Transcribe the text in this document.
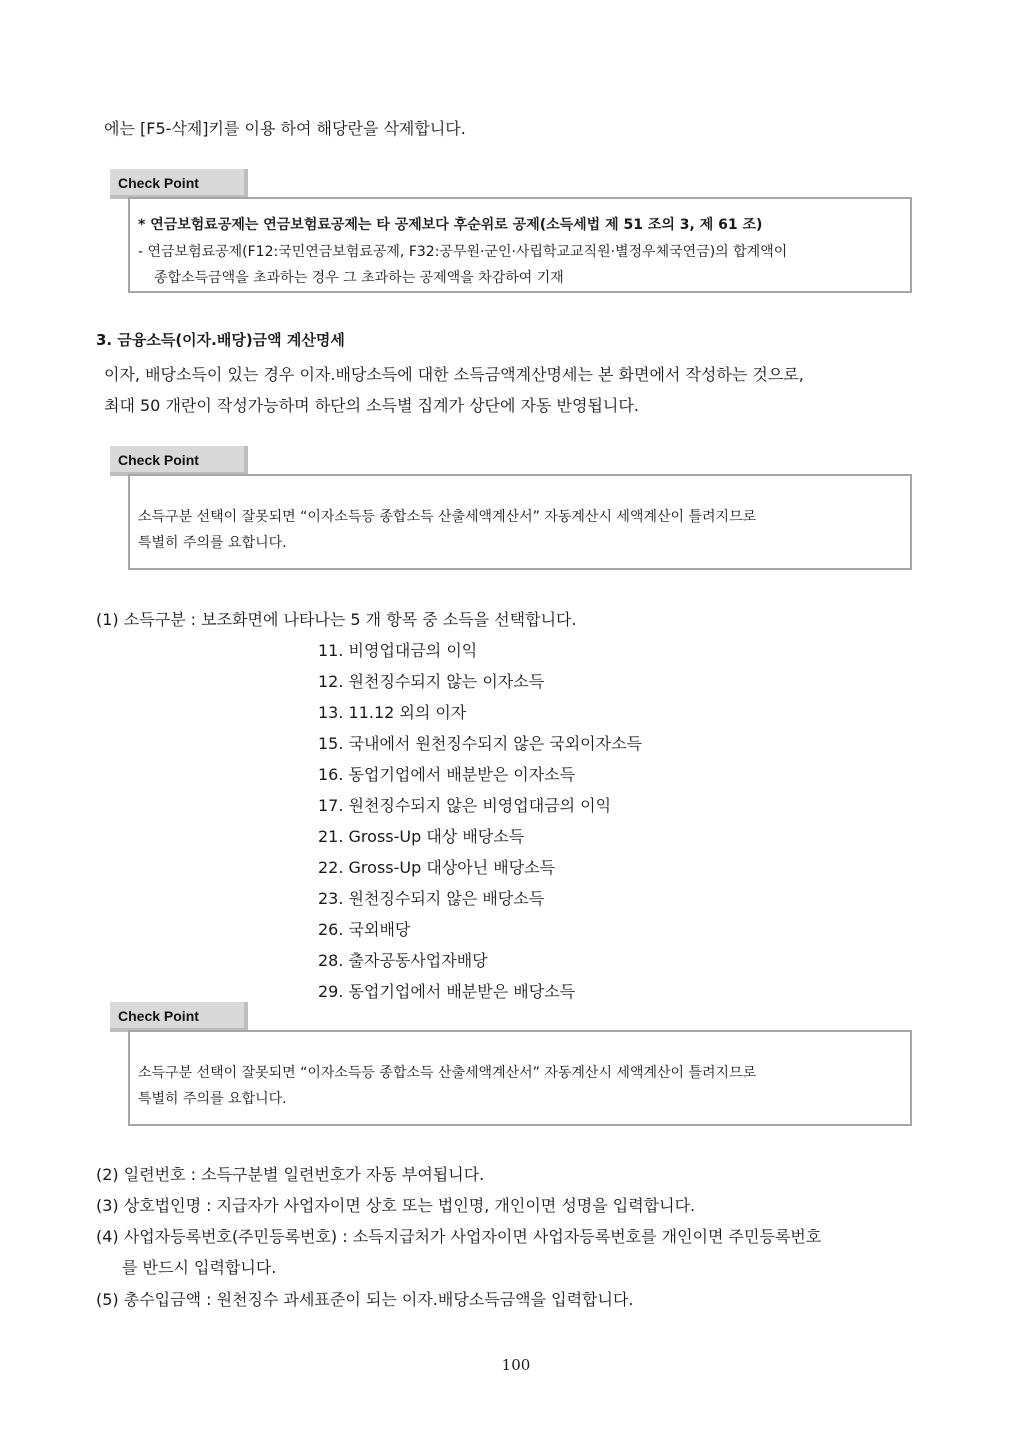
에는 [F5-삭제]키를 이용 하여 해당란을 삭제합니다.
Check Point
* 연금보험료공제는 연금보험료공제는 타 공제보다 후순위로 공제(소득세법 제 51 조의 3, 제 61 조)
- 연금보험료공제(F12:국민연금보험료공제, F32:공무원·군인·사립학교교직원·별정우체국연금)의 합계액이
종합소득금액을 초과하는 경우 그 초과하는 공제액을 차감하여 기재
3. 금융소득(이자.배당)금액 계산명세
이자, 배당소득이 있는 경우 이자.배당소득에 대한 소득금액계산명세는 본 화면에서 작성하는 것으로,
최대 50 개란이 작성가능하며 하단의 소득별 집계가 상단에 자동 반영됩니다.
Check Point
소득구분 선택이 잘못되면 “이자소득등 종합소득 산출세액계산서” 자동계산시 세액계산이 틀려지므로
특별히 주의를 요합니다.
(1) 소득구분 : 보조화면에 나타나는 5 개 항목 중 소득을 선택합니다.
11. 비영업대금의 이익
12. 원천징수되지 않는 이자소득
13. 11.12 외의 이자
15. 국내에서 원천징수되지 않은 국외이자소득
16. 동업기업에서 배분받은 이자소득
17. 원천징수되지 않은 비영업대금의 이익
21. Gross-Up 대상 배당소득
22. Gross-Up 대상아닌 배당소득
23. 원천징수되지 않은 배당소득
26. 국외배당
28. 출자공동사업자배당
29. 동업기업에서 배분받은 배당소득
Check Point
소득구분 선택이 잘못되면 “이자소득등 종합소득 산출세액계산서” 자동계산시 세액계산이 틀려지므로
특별히 주의를 요합니다.
(2) 일련번호 : 소득구분별 일련번호가 자동 부여됩니다.
(3) 상호법인명 : 지급자가 사업자이면 상호 또는 법인명, 개인이면 성명을 입력합니다.
(4) 사업자등록번호(주민등록번호) : 소득지급처가 사업자이면 사업자등록번호를 개인이면 주민등록번호
를 반드시 입력합니다.
(5) 총수입금액 : 원천징수 과세표준이 되는 이자.배당소득금액을 입력합니다.
100
